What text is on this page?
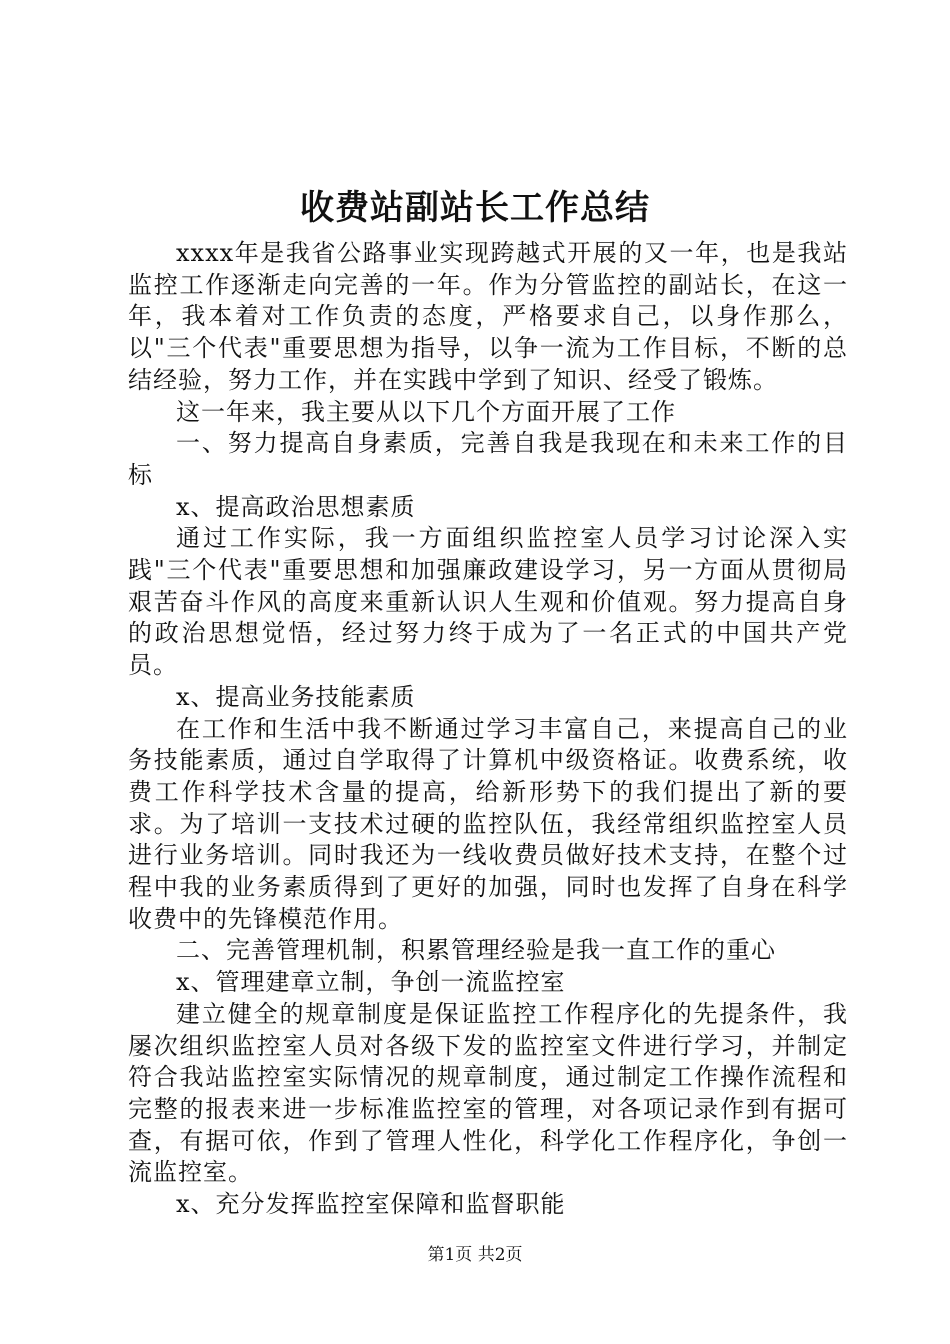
收费站副站长工作总结

xxxx年是我省公路事业实现跨越式开展的又一年，也是我站监控工作逐渐走向完善的一年。作为分管监控的副站长，在这一年，我本着对工作负责的态度，严格要求自己，以身作那么，以"三个代表"重要思想为指导，以争一流为工作目标，不断的总结经验，努力工作，并在实践中学到了知识、经受了锻炼。

这一年来，我主要从以下几个方面开展了工作

一、努力提高自身素质，完善自我是我现在和未来工作的目标

x、提高政治思想素质

通过工作实际，我一方面组织监控室人员学习讨论深入实践"三个代表"重要思想和加强廉政建设学习，另一方面从贯彻局艰苦奋斗作风的高度来重新认识人生观和价值观。努力提高自身的政治思想觉悟，经过努力终于成为了一名正式的中国共产党员。

x、提高业务技能素质

在工作和生活中我不断通过学习丰富自己，来提高自己的业务技能素质，通过自学取得了计算机中级资格证。收费系统，收费工作科学技术含量的提高，给新形势下的我们提出了新的要求。为了培训一支技术过硬的监控队伍，我经常组织监控室人员进行业务培训。同时我还为一线收费员做好技术支持，在整个过程中我的业务素质得到了更好的加强，同时也发挥了自身在科学收费中的先锋模范作用。

二、完善管理机制，积累管理经验是我一直工作的重心

x、管理建章立制，争创一流监控室

建立健全的规章制度是保证监控工作程序化的先提条件，我屡次组织监控室人员对各级下发的监控室文件进行学习，并制定符合我站监控室实际情况的规章制度，通过制定工作操作流程和完整的报表来进一步标准监控室的管理，对各项记录作到有据可查，有据可依，作到了管理人性化，科学化工作程序化，争创一流监控室。

x、充分发挥监控室保障和监督职能

第1页 共2页
